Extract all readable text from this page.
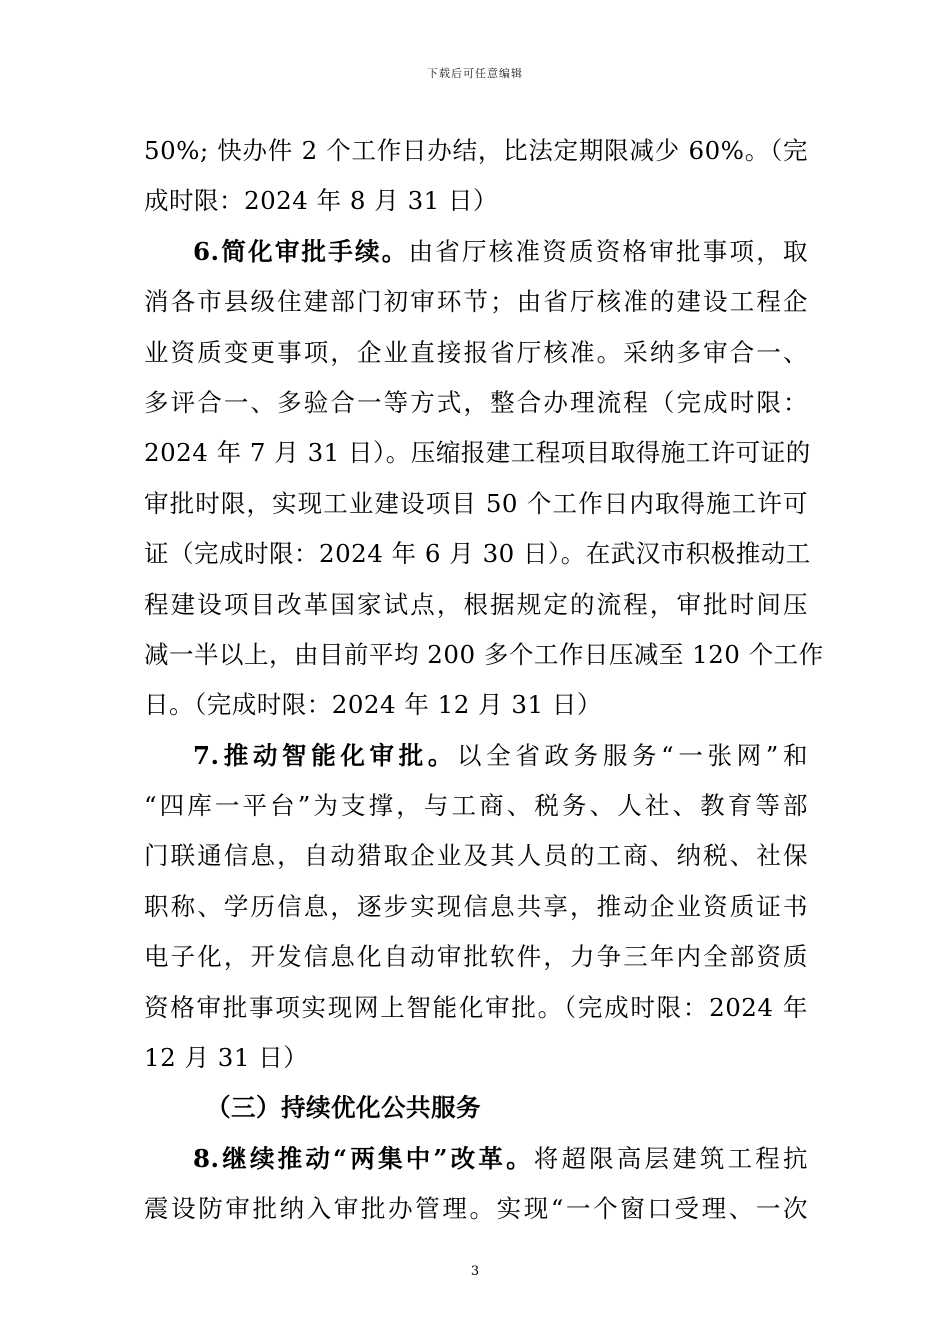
下载后可任意编辑
50%; 快办件 2 个工作日办结，比法定期限减少 60%。（完
成时限：2024 年 8 月 31 日）
6.简化审批手续。由省厅核准资质资格审批事项，取
消各市县级住建部门初审环节；由省厅核准的建设工程企
业资质变更事项，企业直接报省厅核准。采纳多审合一、
多评合一、多验合一等方式，整合办理流程（完成时限：
2024 年 7 月 31 日）。压缩报建工程项目取得施工许可证的
审批时限，实现工业建设项目 50 个工作日内取得施工许可
证（完成时限：2024 年 6 月 30 日）。在武汉市积极推动工
程建设项目改革国家试点，根据规定的流程，审批时间压
减一半以上，由目前平均 200 多个工作日压减至 120 个工作
日。（完成时限：2024 年 12 月 31 日）
7.推动智能化审批。以全省政务服务“一张网”和
“四库一平台”为支撑，与工商、税务、人社、教育等部
门联通信息，自动猎取企业及其人员的工商、纳税、社保
职称、学历信息，逐步实现信息共享，推动企业资质证书
电子化，开发信息化自动审批软件，力争三年内全部资质
资格审批事项实现网上智能化审批。（完成时限：2024 年
12 月 31 日）
（三）持续优化公共服务
8.继续推动“两集中”改革。将超限高层建筑工程抗
震设防审批纳入审批办管理。实现“一个窗口受理、一次
3
